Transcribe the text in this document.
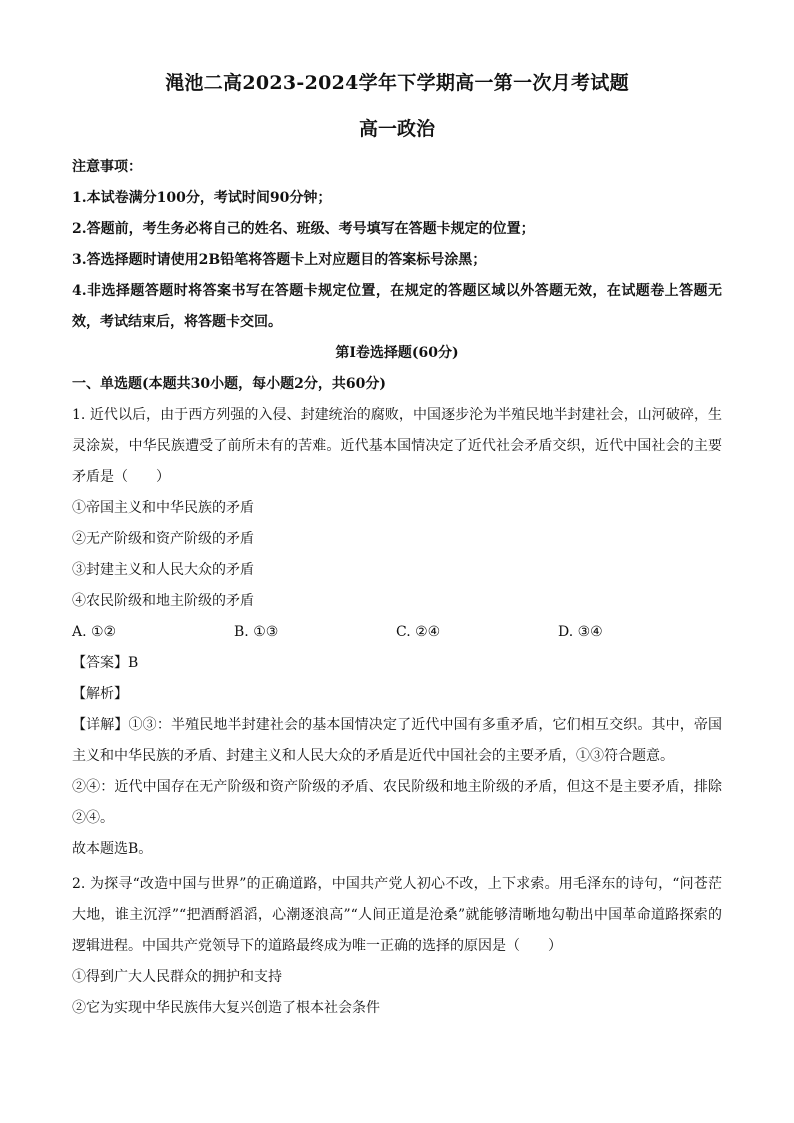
渑池二高2023-2024学年下学期高一第一次月考试题
高一政治
注意事项：
1.本试卷满分100分，考试时间90分钟；
2.答题前，考生务必将自己的姓名、班级、考号填写在答题卡规定的位置；
3.答选择题时请使用2B铅笔将答题卡上对应题目的答案标号涂黑；
4.非选择题答题时将答案书写在答题卡规定位置，在规定的答题区域以外答题无效，在试题卷上答题无效，考试结束后，将答题卡交回。
第Ⅰ卷选择题(60分)
一、单选题(本题共30小题，每小题2分，共60分)
1. 近代以后，由于西方列强的入侵、封建统治的腐败，中国逐步沦为半殖民地半封建社会，山河破碎，生灵涂炭，中华民族遭受了前所未有的苦难。近代基本国情决定了近代社会矛盾交织，近代中国社会的主要矛盾是（　　）
①帝国主义和中华民族的矛盾
②无产阶级和资产阶级的矛盾
③封建主义和人民大众的矛盾
④农民阶级和地主阶级的矛盾
A. ①②	B. ①③	C. ②④	D. ③④
【答案】B
【解析】
【详解】①③：半殖民地半封建社会的基本国情决定了近代中国有多重矛盾，它们相互交织。其中，帝国主义和中华民族的矛盾、封建主义和人民大众的矛盾是近代中国社会的主要矛盾，①③符合题意。
②④：近代中国存在无产阶级和资产阶级的矛盾、农民阶级和地主阶级的矛盾，但这不是主要矛盾，排除②④。
故本题选B。
2. 为探寻“改造中国与世界”的正确道路，中国共产党人初心不改，上下求索。用毛泽东的诗句，“问苍茫大地，谁主沉浮”“把酒酹滔滔，心潮逐浪高”“人间正道是沧桑”就能够清晰地勾勒出中国革命道路探索的逻辑进程。中国共产党领导下的道路最终成为唯一正确的选择的原因是（　　）
①得到广大人民群众的拥护和支持
②它为实现中华民族伟大复兴创造了根本社会条件
